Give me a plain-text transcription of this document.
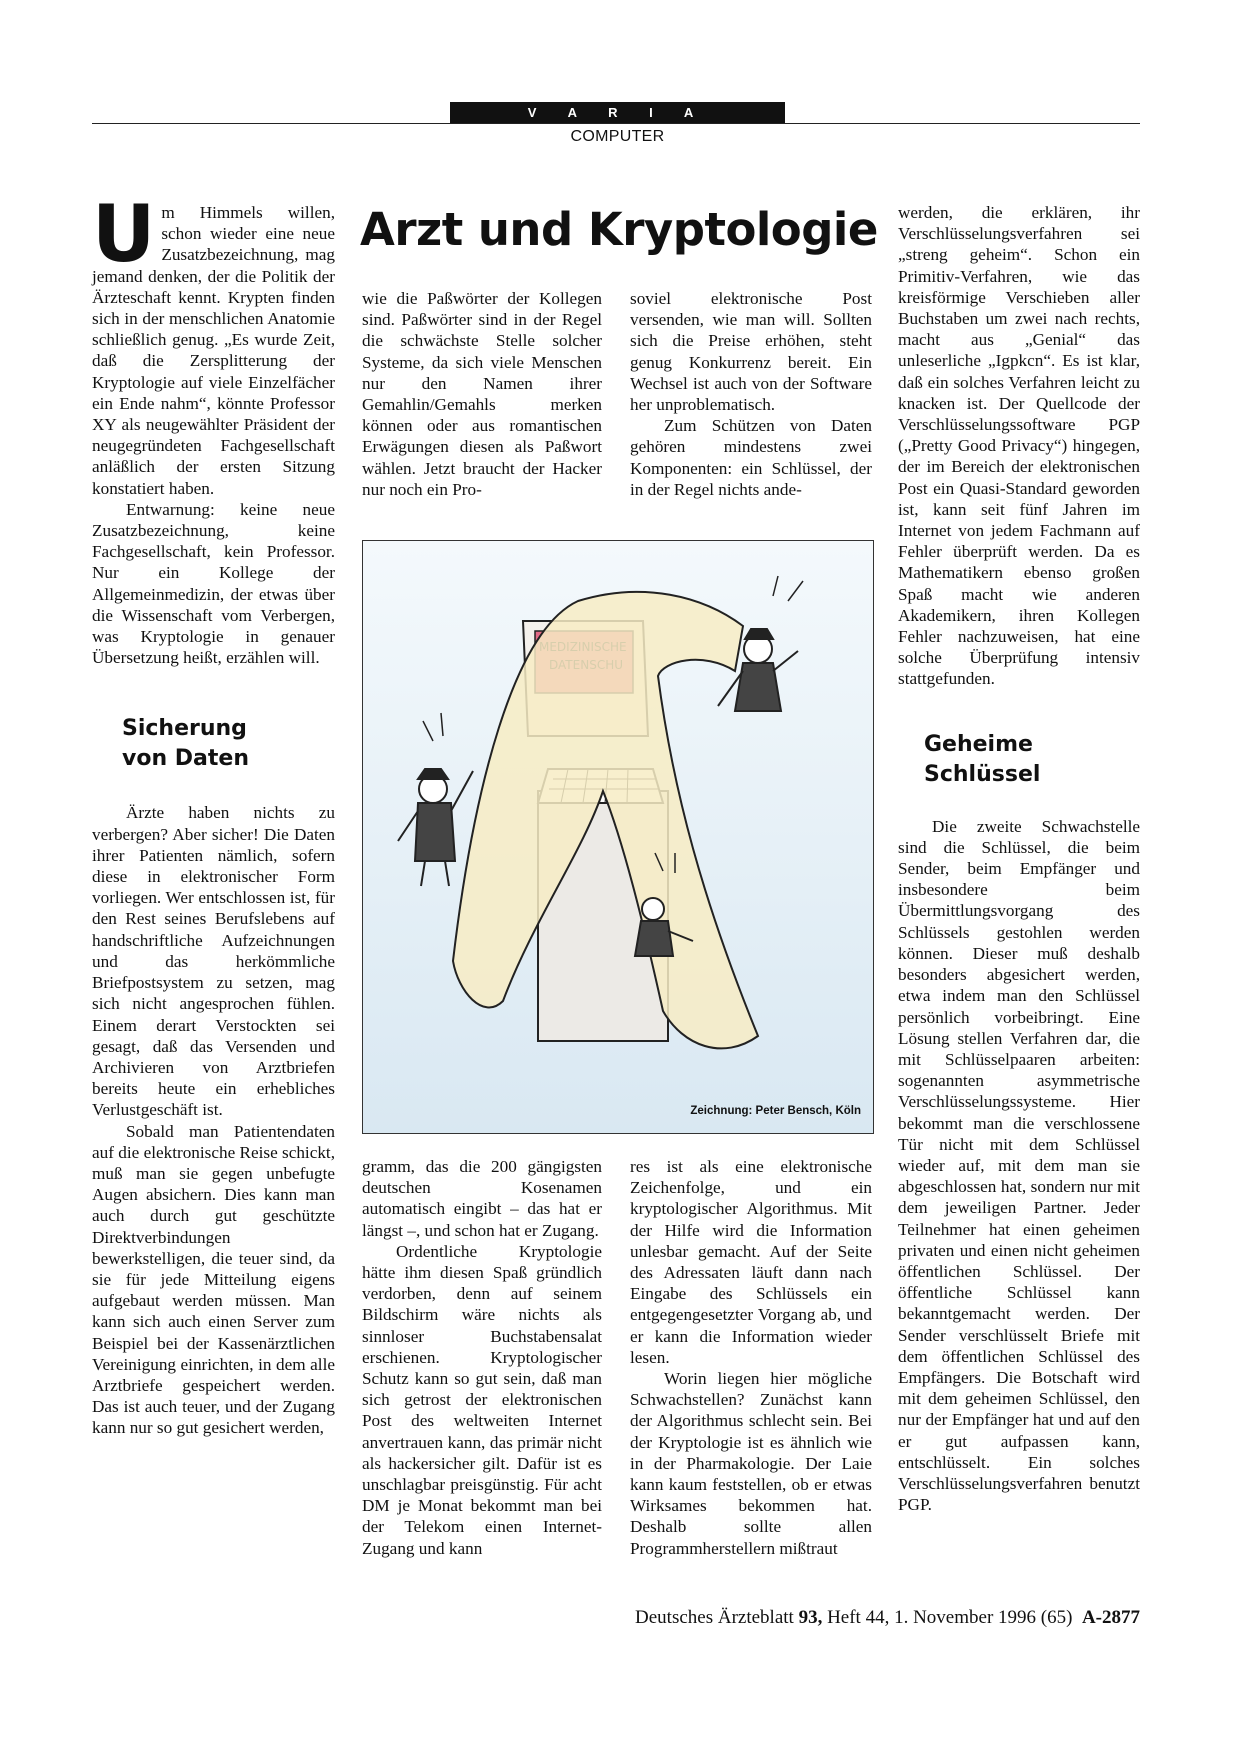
V A R I A
COMPUTER
Arzt und Kryptologie

Um Himmels willen, schon wieder eine neue Zusatzbezeichnung, mag jemand denken, der die Politik der Ärzteschaft kennt. Krypten finden sich in der menschlichen Anatomie schließlich genug. „Es wurde Zeit, daß die Zersplitterung der Kryptologie auf viele Einzelfächer ein Ende nahm“, könnte Professor XY als neugewählter Präsident der neugegründeten Fachgesellschaft anläßlich der ersten Sitzung konstatiert haben.

Entwarnung: keine neue Zusatzbezeichnung, keine Fachgesellschaft, kein Professor. Nur ein Kollege der Allgemeinmedizin, der etwas über die Wissenschaft vom Verbergen, was Kryptologie in genauer Übersetzung heißt, erzählen will.

Sicherung

von Daten

Ärzte haben nichts zu verbergen? Aber sicher! Die Daten ihrer Patienten nämlich, sofern diese in elektronischer Form vorliegen. Wer entschlossen ist, für den Rest seines Berufslebens auf handschriftliche Aufzeichnungen und das herkömmliche Briefpostsystem zu setzen, mag sich nicht angesprochen fühlen. Einem derart Verstockten sei gesagt, daß das Versenden und Archivieren von Arztbriefen bereits heute ein erhebliches Verlustgeschäft ist.

Sobald man Patientendaten auf die elektronische Reise schickt, muß man sie gegen unbefugte Augen absichern. Dies kann man auch durch gut geschützte Direktverbindungen bewerkstelligen, die teuer sind, da sie für jede Mitteilung eigens aufgebaut werden müssen. Man kann sich auch einen Server zum Beispiel bei der Kassenärztlichen Vereinigung einrichten, in dem alle Arztbriefe gespeichert werden. Das ist auch teuer, und der Zugang kann nur so gut gesichert werden,

wie die Paßwörter der Kollegen sind. Paßwörter sind in der Regel die schwächste Stelle solcher Systeme, da sich viele Menschen nur den Namen ihrer Gemahlin/Gemahls merken können oder aus romantischen Erwägungen diesen als Paßwort wählen. Jetzt braucht der Hacker nur noch ein Pro-

soviel elektronische Post versenden, wie man will. Sollten sich die Preise erhöhen, steht genug Konkurrenz bereit. Ein Wechsel ist auch von der Software her unproblematisch.

Zum Schützen von Daten gehören mindestens zwei Komponenten: ein Schlüssel, der in der Regel nichts ande-

Zeichnung: Peter Bensch, Köln

gramm, das die 200 gängigsten deutschen Kosenamen automatisch eingibt – das hat er längst –, und schon hat er Zugang.

Ordentliche Kryptologie hätte ihm diesen Spaß gründlich verdorben, denn auf seinem Bildschirm wäre nichts als sinnloser Buchstabensalat erschienen. Kryptologischer Schutz kann so gut sein, daß man sich getrost der elektronischen Post des weltweiten Internet anvertrauen kann, das primär nicht als hackersicher gilt. Dafür ist es unschlagbar preisgünstig. Für acht DM je Monat bekommt man bei der Telekom einen Internet-Zugang und kann

res ist als eine elektronische Zeichenfolge, und ein kryptologischer Algorithmus. Mit der Hilfe wird die Information unlesbar gemacht. Auf der Seite des Adressaten läuft dann nach Eingabe des Schlüssels ein entgegengesetzter Vorgang ab, und er kann die Information wieder lesen.

Worin liegen hier mögliche Schwachstellen? Zunächst kann der Algorithmus schlecht sein. Bei der Kryptologie ist es ähnlich wie in der Pharmakologie. Der Laie kann kaum feststellen, ob er etwas Wirksames bekommen hat. Deshalb sollte allen Programmherstellern mißtraut

werden, die erklären, ihr Verschlüsselungsverfahren sei „streng geheim“. Schon ein Primitiv-Verfahren, wie das kreisförmige Verschieben aller Buchstaben um zwei nach rechts, macht aus „Genial“ das unleserliche „Igpkcn“. Es ist klar, daß ein solches Verfahren leicht zu knacken ist. Der Quellcode der Verschlüsselungssoftware PGP („Pretty Good Privacy“) hingegen, der im Bereich der elektronischen Post ein Quasi-Standard geworden ist, kann seit fünf Jahren im Internet von jedem Fachmann auf Fehler überprüft werden. Da es Mathematikern ebenso großen Spaß macht wie anderen Akademikern, ihren Kollegen Fehler nachzuweisen, hat eine solche Überprüfung intensiv stattgefunden.

Geheime

Schlüssel

Die zweite Schwachstelle sind die Schlüssel, die beim Sender, beim Empfänger und insbesondere beim Übermittlungsvorgang des Schlüssels gestohlen werden können. Dieser muß deshalb besonders abgesichert werden, etwa indem man den Schlüssel persönlich vorbeibringt. Eine Lösung stellen Verfahren dar, die mit Schlüsselpaaren arbeiten: sogenannten asymmetrische Verschlüsselungssysteme. Hier bekommt man die verschlossene Tür nicht mit dem Schlüssel wieder auf, mit dem man sie abgeschlossen hat, sondern nur mit dem jeweiligen Partner. Jeder Teilnehmer hat einen geheimen privaten und einen nicht geheimen öffentlichen Schlüssel. Der öffentliche Schlüssel kann bekanntgemacht werden. Der Sender verschlüsselt Briefe mit dem öffentlichen Schlüssel des Empfängers. Die Botschaft wird mit dem geheimen Schlüssel, den nur der Empfänger hat und auf den er gut aufpassen kann, entschlüsselt. Ein solches Verschlüsselungsverfahren benutzt PGP.

Deutsches Ärzteblatt 93, Heft 44, 1. November 1996 (65) A-2877
